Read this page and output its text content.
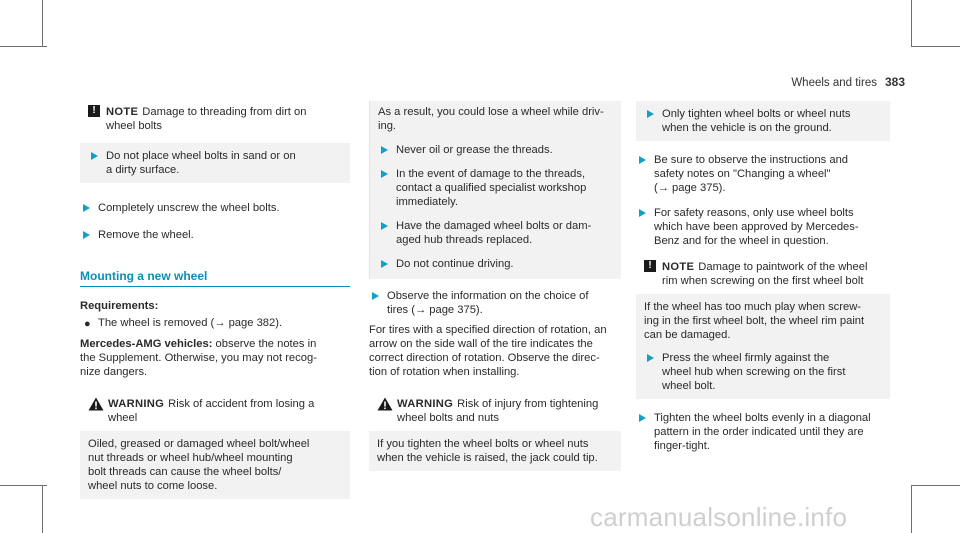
Wheels and tires 383
! NOTE Damage to threading from dirt on
wheel bolts
Do not place wheel bolts in sand or on
a dirty surface.
Completely unscrew the wheel bolts.
Remove the wheel.
Mounting a new wheel
Requirements:
● The wheel is removed (→ page 382).
Mercedes-AMG vehicles: observe the notes in
the Supplement. Otherwise, you may not recog-
nize dangers.
WARNING Risk of accident from losing a
wheel
Oiled, greased or damaged wheel bolt/wheel
nut threads or wheel hub/wheel mounting
bolt threads can cause the wheel bolts/
wheel nuts to come loose.
As a result, you could lose a wheel while driv-
ing.
Never oil or grease the threads.
In the event of damage to the threads,
contact a qualified specialist workshop
immediately.
Have the damaged wheel bolts or dam-
aged hub threads replaced.
Do not continue driving.
Observe the information on the choice of
tires (→ page 375).
For tires with a specified direction of rotation, an
arrow on the side wall of the tire indicates the
correct direction of rotation. Observe the direc-
tion of rotation when installing.
WARNING Risk of injury from tightening
wheel bolts and nuts
If you tighten the wheel bolts or wheel nuts
when the vehicle is raised, the jack could tip.
Only tighten wheel bolts or wheel nuts
when the vehicle is on the ground.
Be sure to observe the instructions and
safety notes on "Changing a wheel"
(→ page 375).
For safety reasons, only use wheel bolts
which have been approved by Mercedes-
Benz and for the wheel in question.
! NOTE Damage to paintwork of the wheel
rim when screwing on the first wheel bolt
If the wheel has too much play when screw-
ing in the first wheel bolt, the wheel rim paint
can be damaged.
Press the wheel firmly against the
wheel hub when screwing on the first
wheel bolt.
Tighten the wheel bolts evenly in a diagonal
pattern in the order indicated until they are
finger-tight.
carmanualsonline.info
